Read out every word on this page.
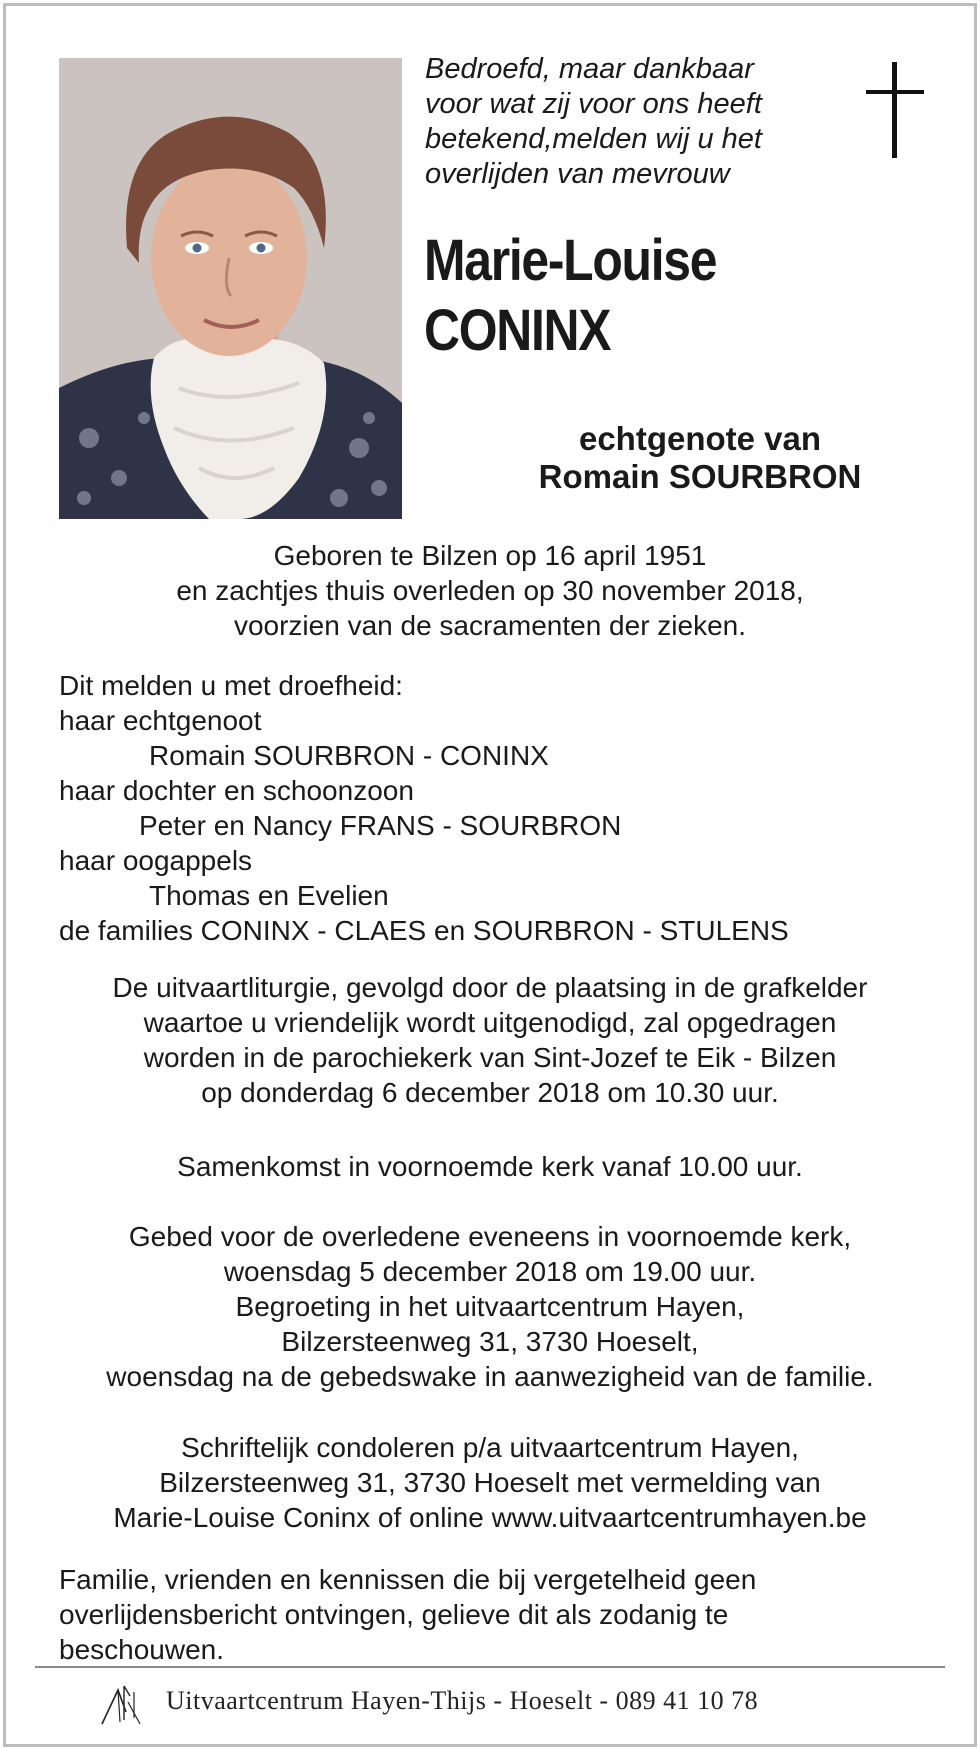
Bedroefd, maar dankbaar
voor wat zij voor ons heeft
betekend,melden wij u het
overlijden van mevrouw
Marie-Louise
CONINX
echtgenote van
Romain SOURBRON
Geboren te Bilzen op 16 april 1951
en zachtjes thuis overleden op 30 november 2018,
voorzien van de sacramenten der zieken.
Dit melden u met droefheid:
haar echtgenoot
Romain SOURBRON - CONINX
haar dochter en schoonzoon
Peter en Nancy FRANS - SOURBRON
haar oogappels
Thomas en Evelien
de families CONINX - CLAES en SOURBRON - STULENS
De uitvaartliturgie, gevolgd door de plaatsing in de grafkelder
waartoe u vriendelijk wordt uitgenodigd, zal opgedragen
worden in de parochiekerk van Sint-Jozef te Eik - Bilzen
op donderdag 6 december 2018 om 10.30 uur.
Samenkomst in voornoemde kerk vanaf 10.00 uur.
Gebed voor de overledene eveneens in voornoemde kerk,
woensdag 5 december 2018 om 19.00 uur.
Begroeting in het uitvaartcentrum Hayen,
Bilzersteenweg 31, 3730 Hoeselt,
woensdag na de gebedswake in aanwezigheid van de familie.
Schriftelijk condoleren p/a uitvaartcentrum Hayen,
Bilzersteenweg 31, 3730 Hoeselt met vermelding van
Marie-Louise Coninx of online www.uitvaartcentrumhayen.be
Familie, vrienden en kennissen die bij vergetelheid geen
overlijdensbericht ontvingen, gelieve dit als zodanig te
beschouwen.
Uitvaartcentrum Hayen-Thijs - Hoeselt - 089 41 10 78
